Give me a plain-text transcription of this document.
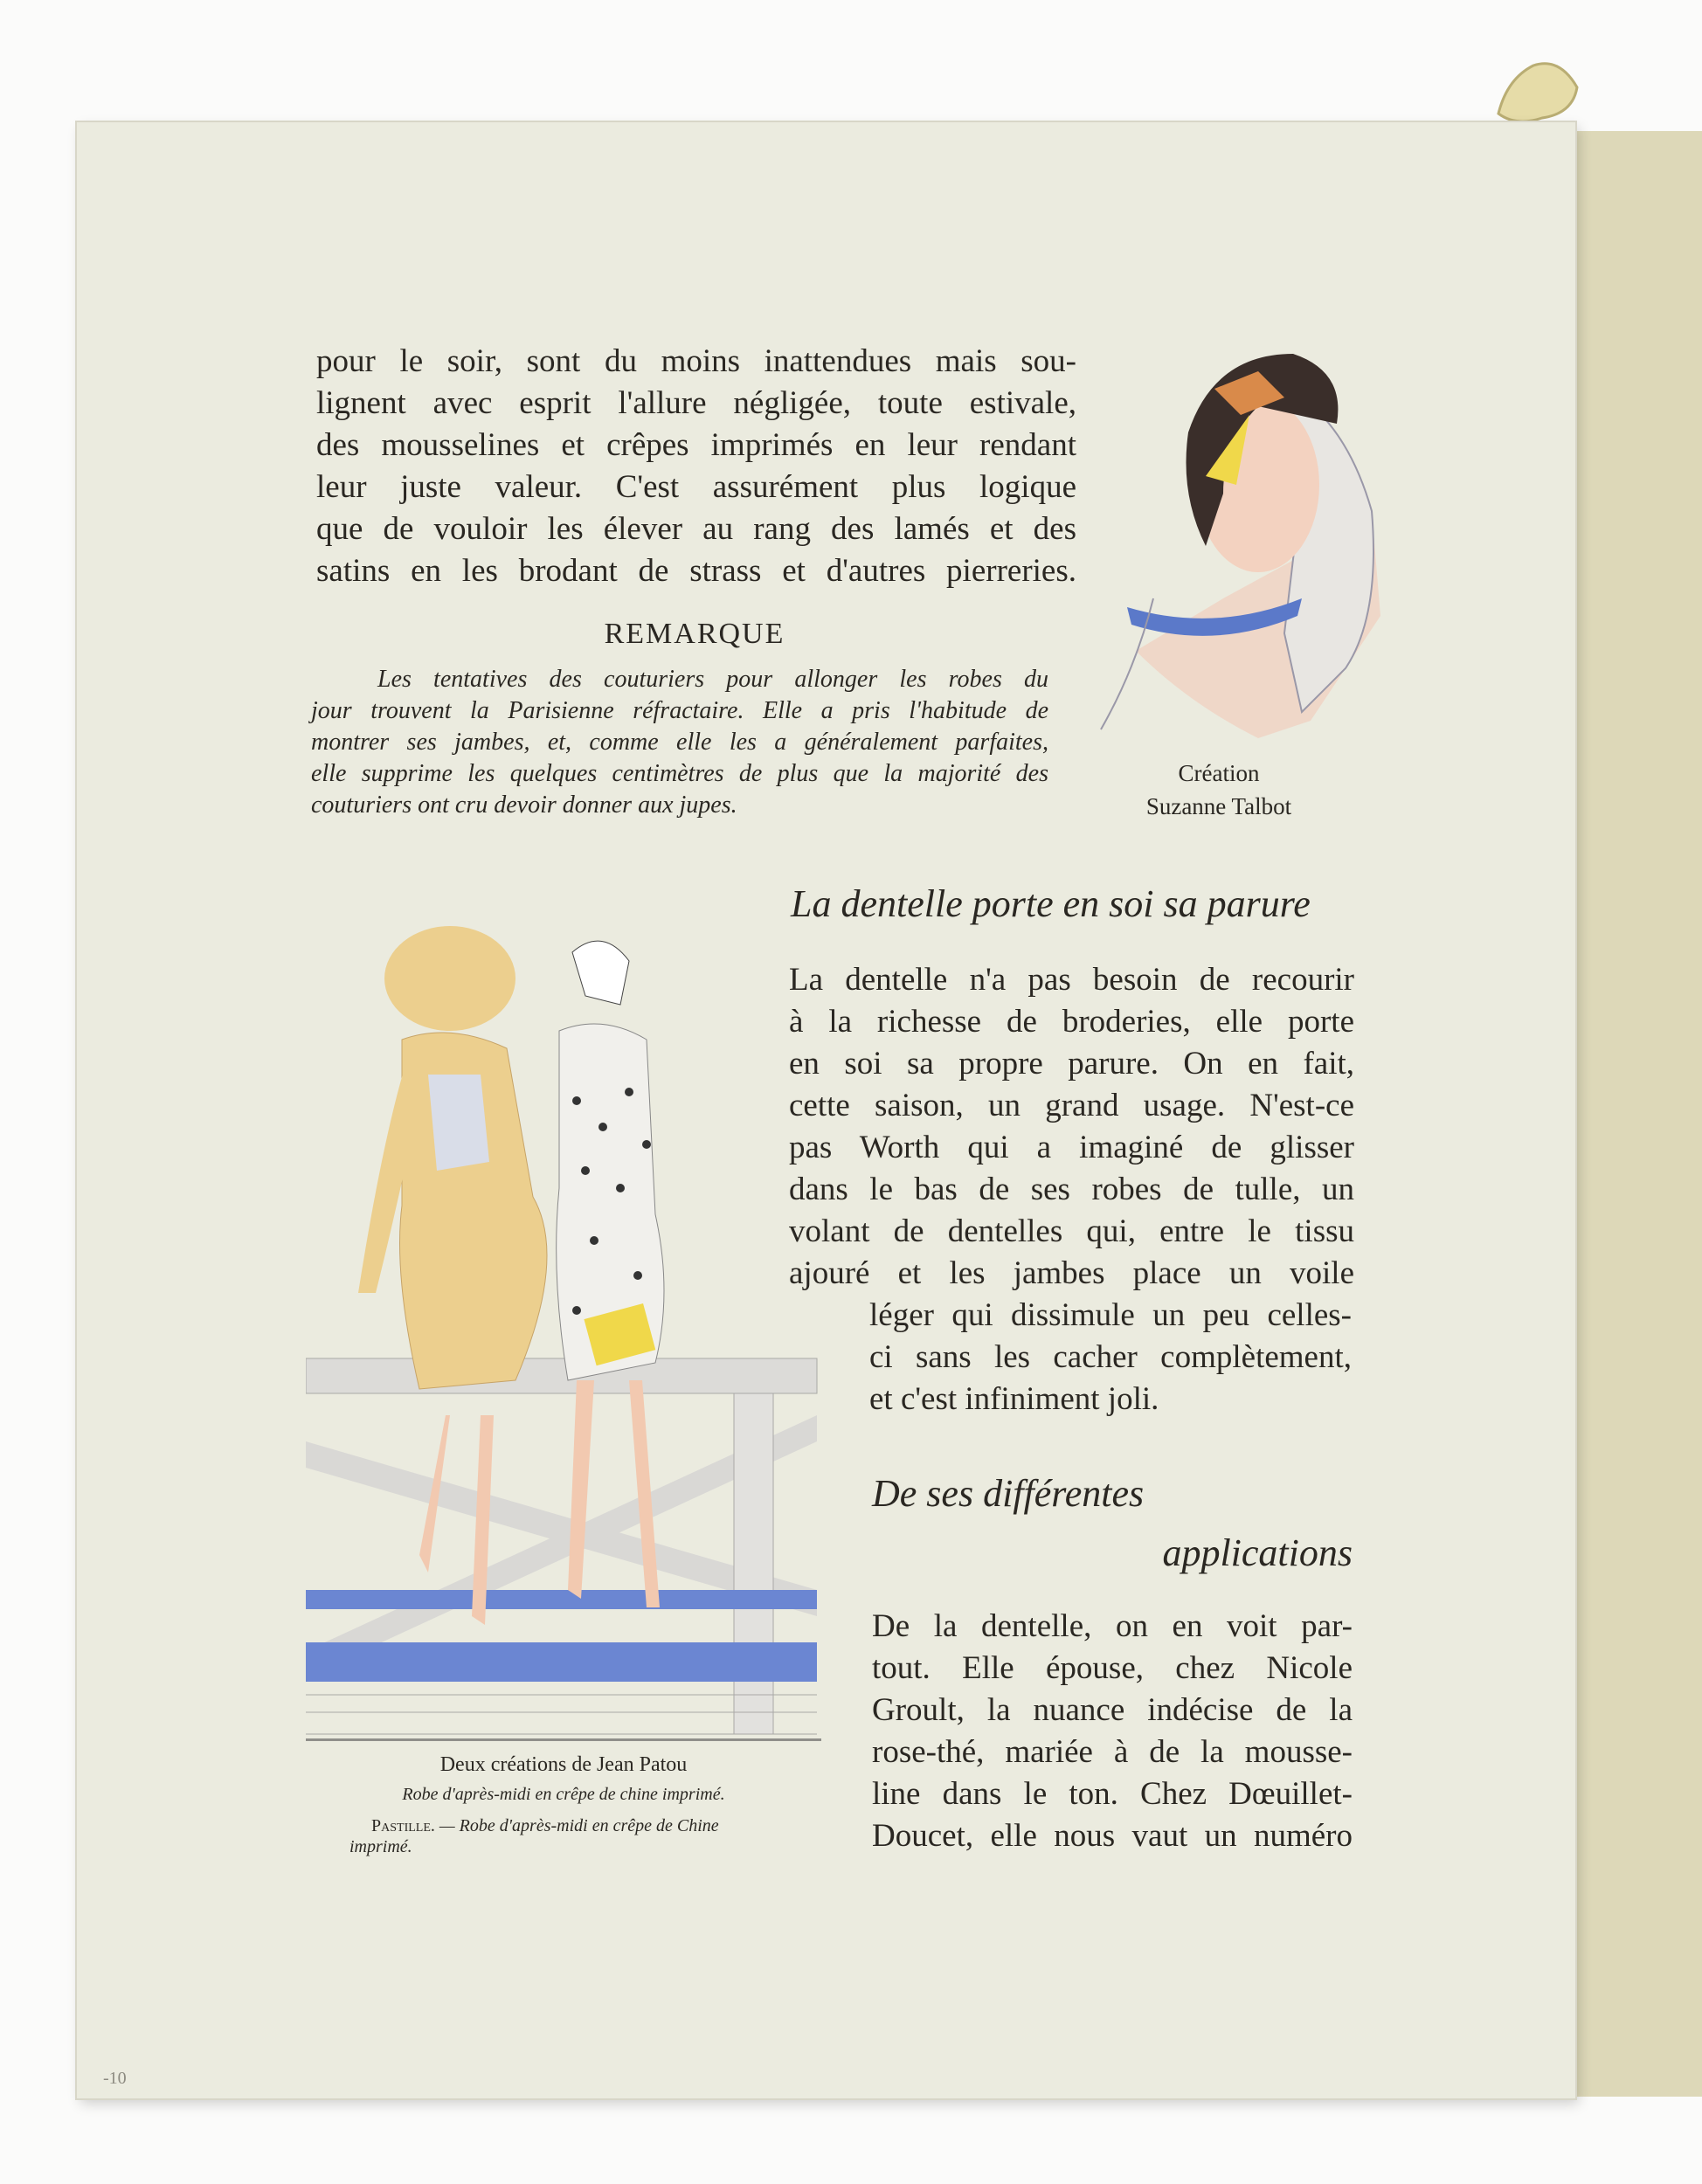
pour le soir, sont du moins inattendues mais sou-
lignent avec esprit l'allure négligée, toute estivale,
des mousselines et crêpes imprimés en leur rendant
leur juste valeur. C'est assurément plus logique
que de vouloir les élever au rang des lamés et des
satins en les brodant de strass et d'autres pierreries.
REMARQUE
Les tentatives des couturiers pour allonger les robes du
jour trouvent la Parisienne réfractaire. Elle a pris l'habitude de
montrer ses jambes, et, comme elle les a généralement parfaites,
elle supprime les quelques centimètres de plus que la majorité des
couturiers ont cru devoir donner aux jupes.
Création
Suzanne Talbot
La dentelle porte en soi sa parure
La dentelle n'a pas besoin de recourir
à la richesse de broderies, elle porte
en soi sa propre parure. On en fait,
cette saison, un grand usage. N'est-ce
pas Worth qui a imaginé de glisser
dans le bas de ses robes de tulle, un
volant de dentelles qui, entre le tissu
ajouré et les jambes place un voile
léger qui dissimule un peu celles-
ci sans les cacher complètement,
et c'est infiniment joli.
De ses différentes
applications
De la dentelle, on en voit par-
tout. Elle épouse, chez Nicole
Groult, la nuance indécise de la
rose-thé, mariée à de la mousse-
line dans le ton. Chez Dœuillet-
Doucet, elle nous vaut un numéro
Deux créations de Jean Patou
Robe d'après-midi en crêpe de chine imprimé.
Pastille. — Robe d'après-midi en crêpe de Chine
imprimé.
-10
